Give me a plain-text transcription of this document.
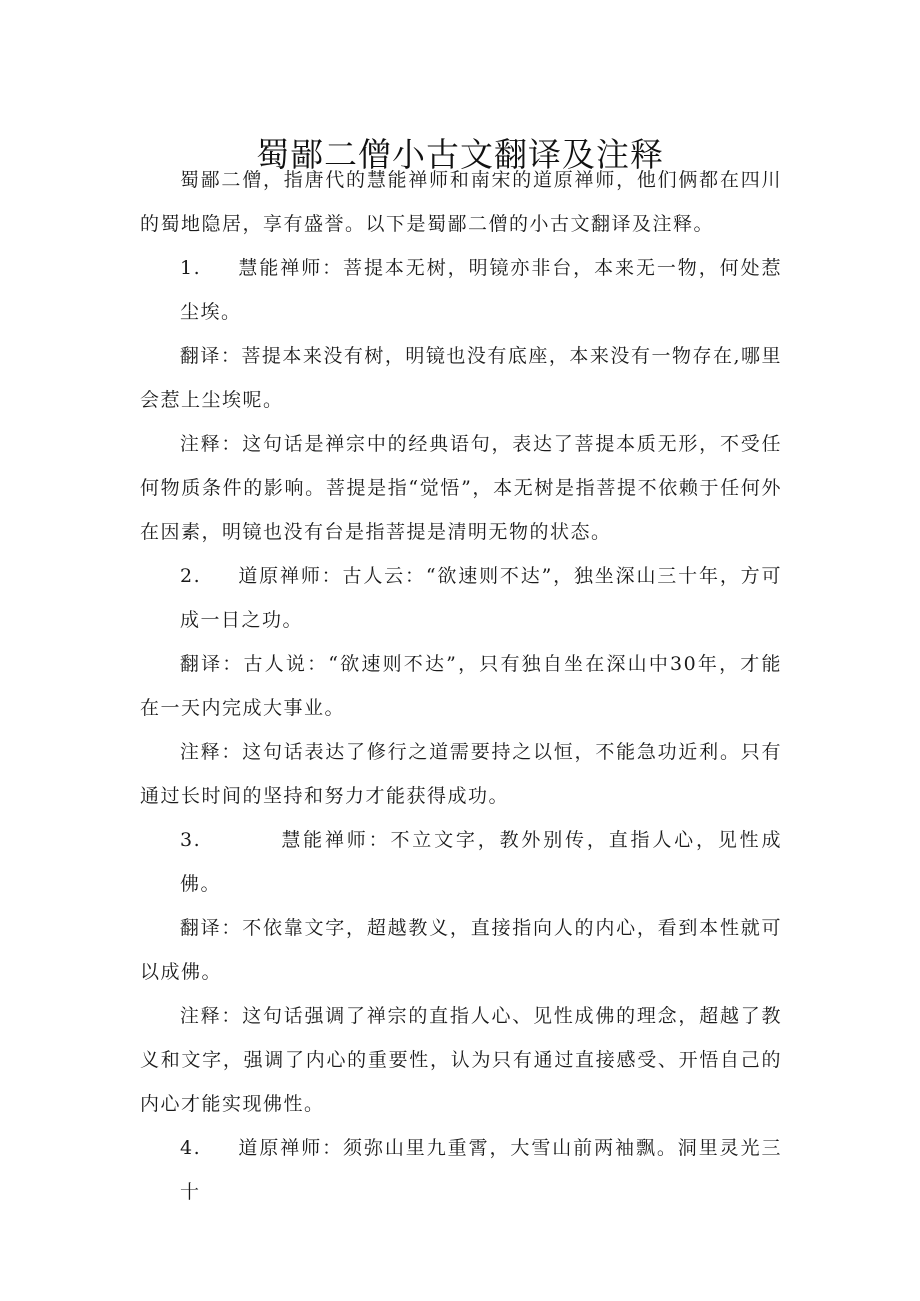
蜀鄙二僧小古文翻译及注释

蜀鄙二僧，指唐代的慧能禅师和南宋的道原禅师，他们俩都在四川的蜀地隐居，享有盛誉。以下是蜀鄙二僧的小古文翻译及注释。

1. 慧能禅师：菩提本无树，明镜亦非台，本来无一物，何处惹尘埃。

翻译：菩提本来没有树，明镜也没有底座，本来没有一物存在,哪里会惹上尘埃呢。

注释：这句话是禅宗中的经典语句，表达了菩提本质无形，不受任何物质条件的影响。菩提是指“觉悟”，本无树是指菩提不依赖于任何外在因素，明镜也没有台是指菩提是清明无物的状态。

2. 道原禅师：古人云：“欲速则不达”，独坐深山三十年，方可成一日之功。

翻译：古人说：“欲速则不达”，只有独自坐在深山中30年，才能在一天内完成大事业。

注释：这句话表达了修行之道需要持之以恒，不能急功近利。只有通过长时间的坚持和努力才能获得成功。

3.	慧能禅师：不立文字，教外别传，直指人心，见性成佛。

翻译：不依靠文字，超越教义，直接指向人的内心，看到本性就可以成佛。

注释：这句话强调了禅宗的直指人心、见性成佛的理念，超越了教义和文字，强调了内心的重要性，认为只有通过直接感受、开悟自己的内心才能实现佛性。

4. 道原禅师：须弥山里九重霄，大雪山前两袖飘。洞里灵光三十
